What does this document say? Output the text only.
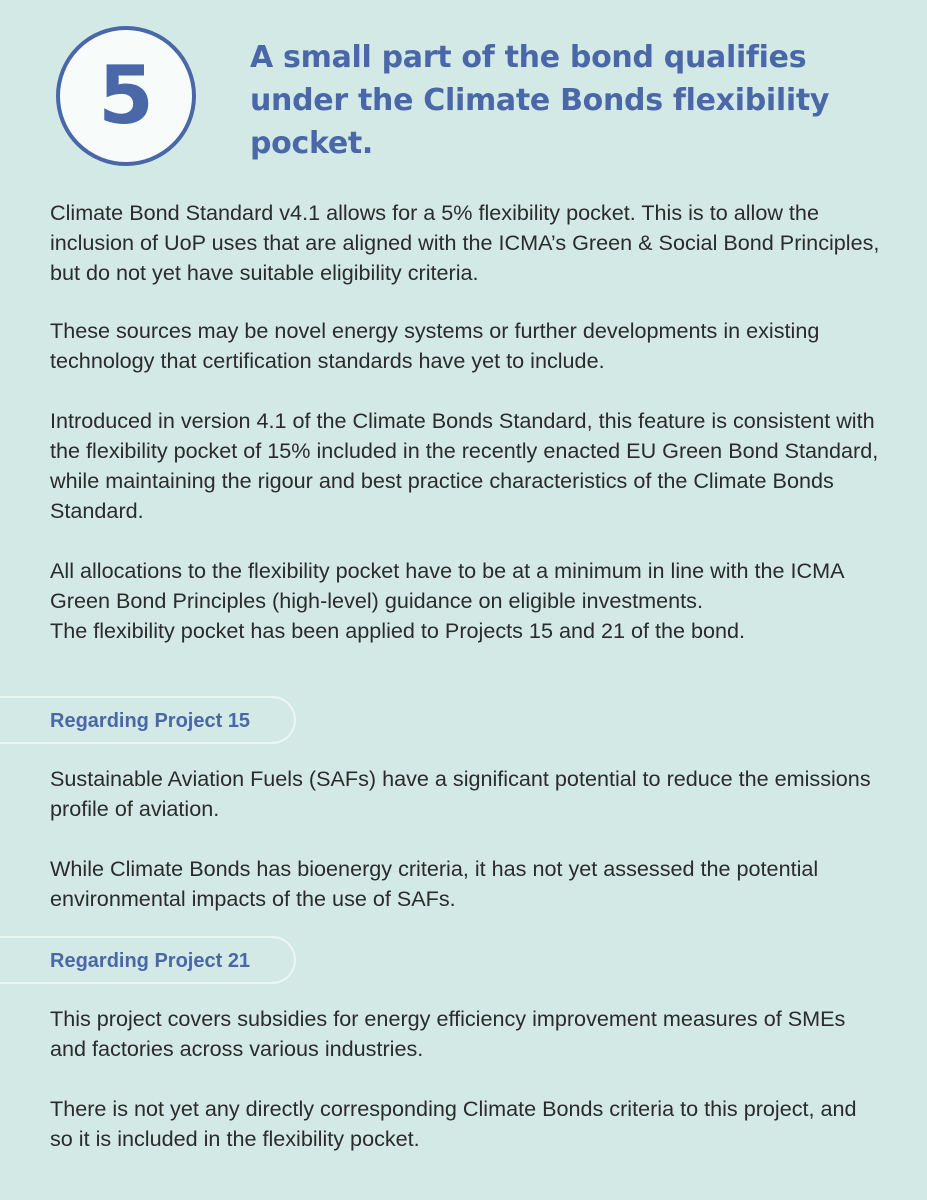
5	A small part of the bond qualifies under the Climate Bonds flexibility pocket.

Climate Bond Standard v4.1 allows for a 5% flexibility pocket. This is to allow the inclusion of UoP uses that are aligned with the ICMA’s Green & Social Bond Principles, but do not yet have suitable eligibility criteria.

These sources may be novel energy systems or further developments in existing technology that certification standards have yet to include.

Introduced in version 4.1 of the Climate Bonds Standard, this feature is consistent with the flexibility pocket of 15% included in the recently enacted EU Green Bond Standard, while maintaining the rigour and best practice characteristics of the Climate Bonds Standard.

All allocations to the flexibility pocket have to be at a minimum in line with the ICMA Green Bond Principles (high-level) guidance on eligible investments.

The flexibility pocket has been applied to Projects 15 and 21 of the bond.

Regarding Project 15

Sustainable Aviation Fuels (SAFs) have a significant potential to reduce the emissions profile of aviation.

While Climate Bonds has bioenergy criteria, it has not yet assessed the potential environmental impacts of the use of SAFs.

Regarding Project 21

This project covers subsidies for energy efficiency improvement measures of SMEs and factories across various industries.

There is not yet any directly corresponding Climate Bonds criteria to this project, and so it is included in the flexibility pocket.
